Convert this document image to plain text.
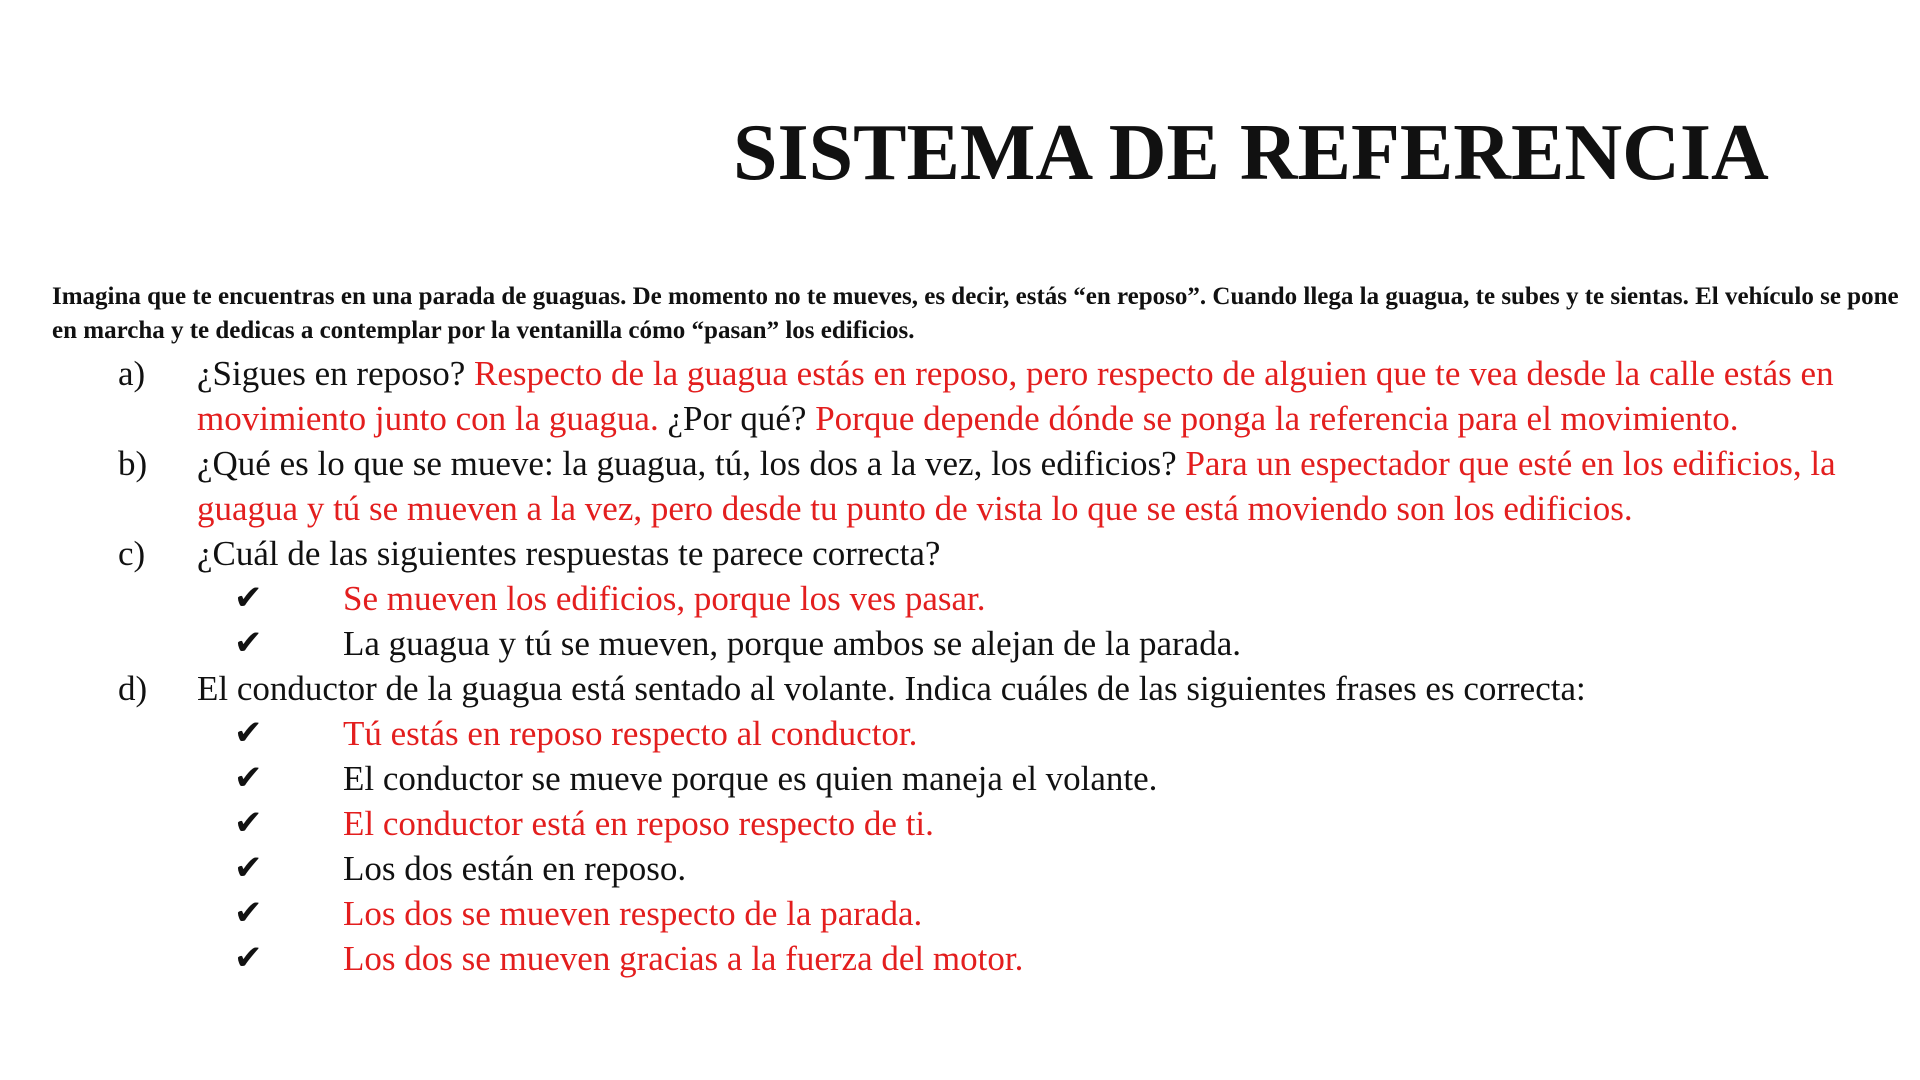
SISTEMA DE REFERENCIA

Imagina que te encuentras en una parada de guaguas. De momento no te mueves, es decir, estás “en reposo”. Cuando llega la guagua, te subes y te sientas. El vehículo se pone en marcha y te dedicas a contemplar por la ventanilla cómo “pasan” los edificios.

a) ¿Sigues en reposo? Respecto de la guagua estás en reposo, pero respecto de alguien que te vea desde la calle estás en movimiento junto con la guagua. ¿Por qué? Porque depende dónde se ponga la referencia para el movimiento.
b) ¿Qué es lo que se mueve: la guagua, tú, los dos a la vez, los edificios? Para un espectador que esté en los edificios, la guagua y tú se mueven a la vez, pero desde tu punto de vista lo que se está moviendo son los edificios.
c) ¿Cuál de las siguientes respuestas te parece correcta?
✔ Se mueven los edificios, porque los ves pasar.
✔ La guagua y tú se mueven, porque ambos se alejan de la parada.
d) El conductor de la guagua está sentado al volante. Indica cuáles de las siguientes frases es correcta:
✔ Tú estás en reposo respecto al conductor.
✔ El conductor se mueve porque es quien maneja el volante.
✔ El conductor está en reposo respecto de ti.
✔ Los dos están en reposo.
✔ Los dos se mueven respecto de la parada.
✔ Los dos se mueven gracias a la fuerza del motor.
